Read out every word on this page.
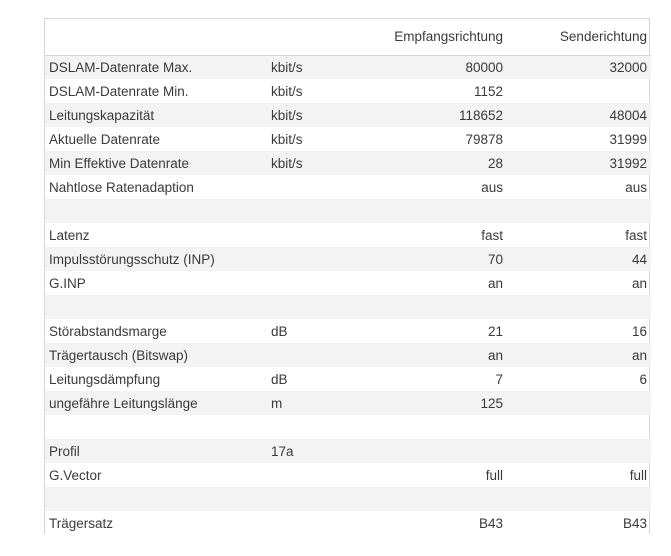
		Empfangsrichtung	Senderichtung
DSLAM-Datenrate Max.	kbit/s	80000	32000
DSLAM-Datenrate Min.	kbit/s	1152	
Leitungskapazität	kbit/s	118652	48004
Aktuelle Datenrate	kbit/s	79878	31999
Min Effektive Datenrate	kbit/s	28	31992
Nahtlose Ratenadaption		aus	aus

Latenz		fast	fast
Impulsstörungsschutz (INP)		70	44
G.INP		an	an

Störabstandsmarge	dB	21	16
Trägertausch (Bitswap)		an	an
Leitungsdämpfung	dB	7	6
ungefähre Leitungslänge	m	125	

Profil	17a		
G.Vector		full	full

Trägersatz		B43	B43
